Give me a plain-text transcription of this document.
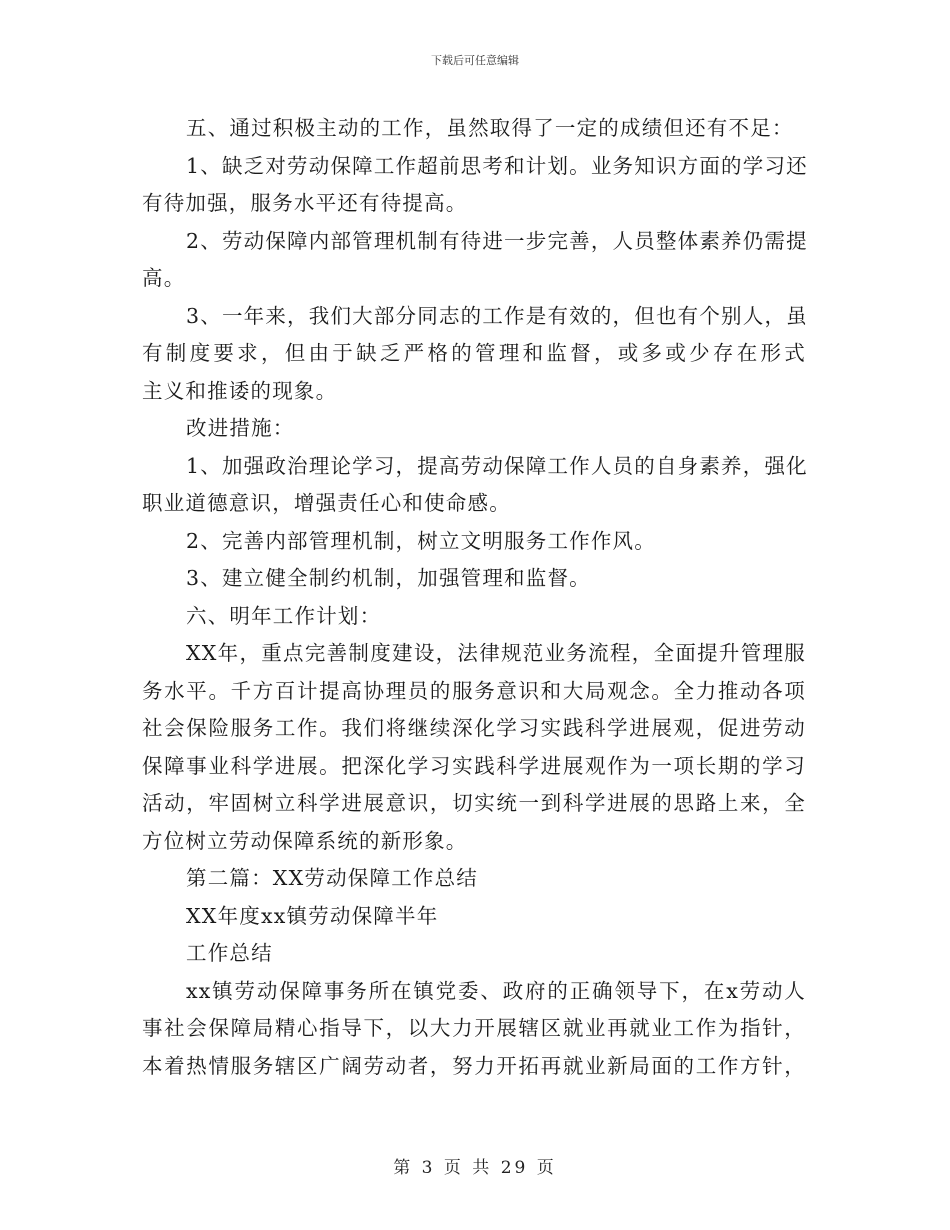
下载后可任意编辑
五、通过积极主动的工作，虽然取得了一定的成绩但还有不足：
1、缺乏对劳动保障工作超前思考和计划。业务知识方面的学习还
有待加强，服务水平还有待提高。
2、劳动保障内部管理机制有待进一步完善，人员整体素养仍需提
高。
3、一年来，我们大部分同志的工作是有效的，但也有个别人，虽
有制度要求，但由于缺乏严格的管理和监督，或多或少存在形式
主义和推诿的现象。
改进措施：
1、加强政治理论学习，提高劳动保障工作人员的自身素养，强化
职业道德意识，增强责任心和使命感。
2、完善内部管理机制，树立文明服务工作作风。
3、建立健全制约机制，加强管理和监督。
六、明年工作计划：
XX年，重点完善制度建设，法律规范业务流程，全面提升管理服
务水平。千方百计提高协理员的服务意识和大局观念。全力推动各项
社会保险服务工作。我们将继续深化学习实践科学进展观，促进劳动
保障事业科学进展。把深化学习实践科学进展观作为一项长期的学习
活动，牢固树立科学进展意识，切实统一到科学进展的思路上来，全
方位树立劳动保障系统的新形象。
第二篇：XX劳动保障工作总结
XX年度xx镇劳动保障半年
工作总结
xx镇劳动保障事务所在镇党委、政府的正确领导下，在x劳动人
事社会保障局精心指导下，以大力开展辖区就业再就业工作为指针，
本着热情服务辖区广阔劳动者，努力开拓再就业新局面的工作方针，
第 3 页 共 29 页
